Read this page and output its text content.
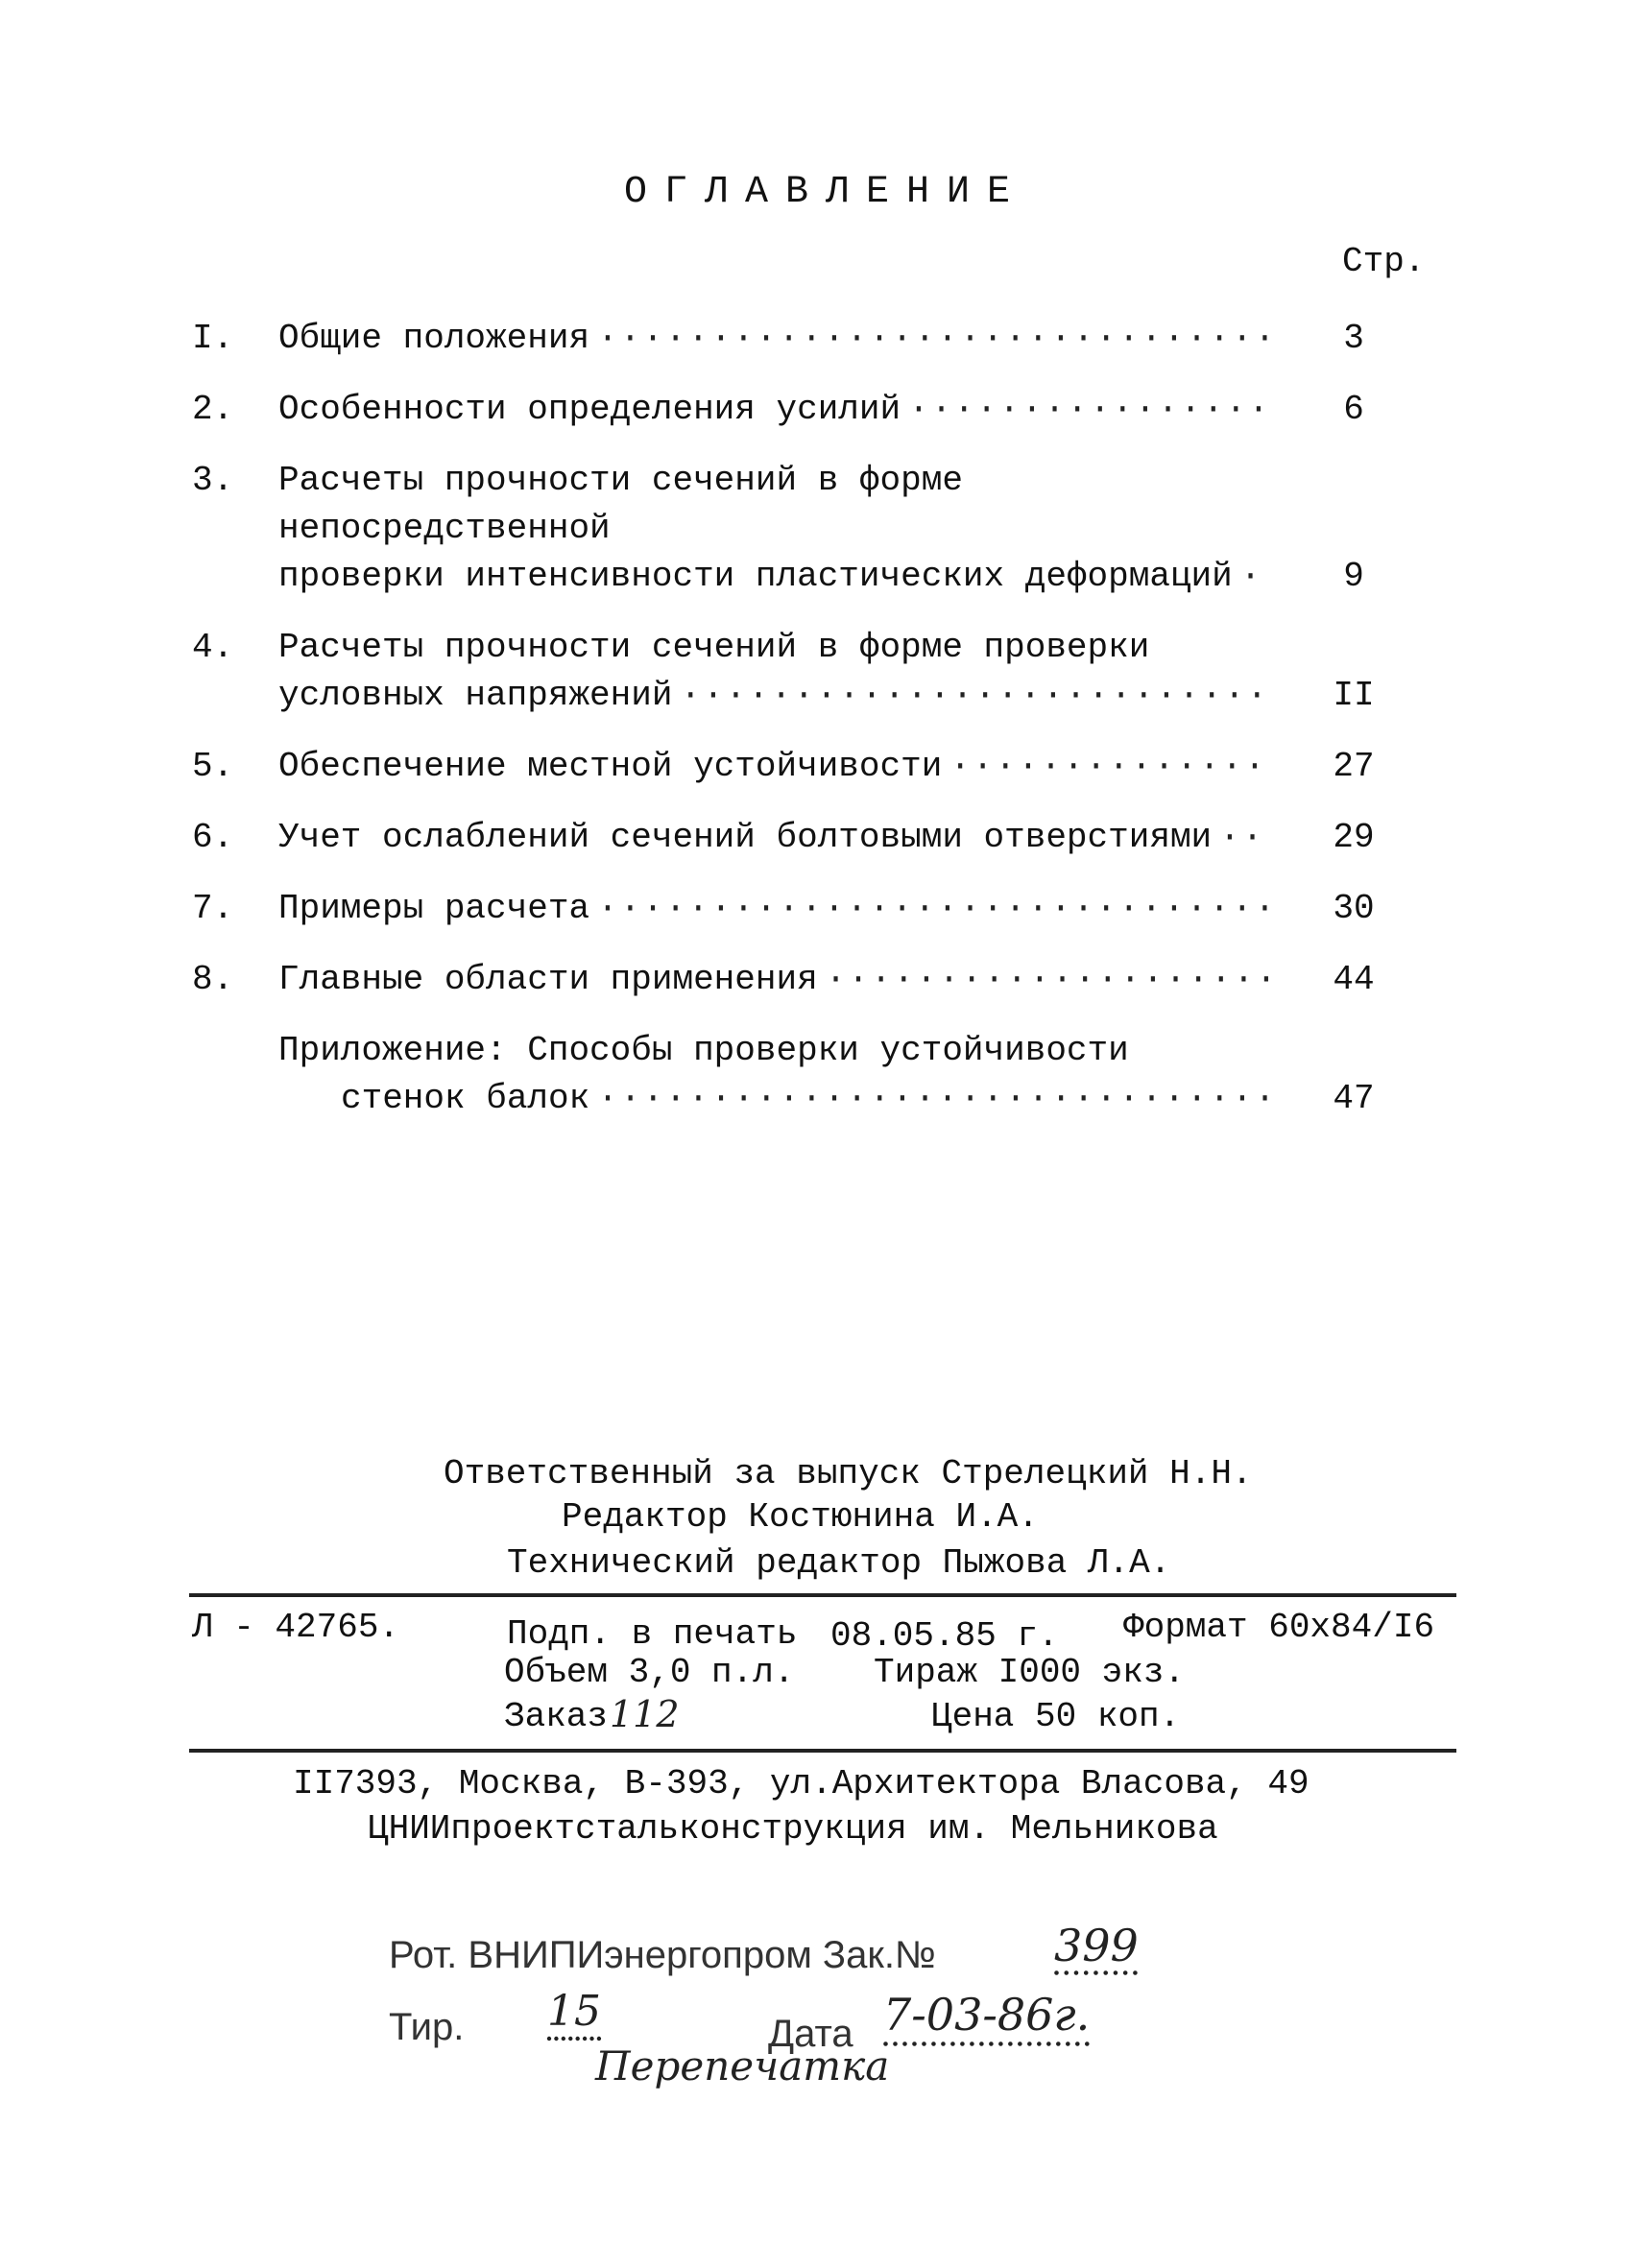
ОГЛАВЛЕНИЕ
Стр.
I.	Общие положения ·····	3
2.	Особенности определения усилий ·····	6
3.	Расчеты прочности сечений в форме непосредственной
проверки интенсивности пластических деформаций ·····	9
4.	Расчеты прочности сечений в форме проверки
условных напряжений ·····	II
5.	Обеспечение местной устойчивости ·····	27
6.	Учет ослаблений сечений болтовыми отверстиями ·····	29
7.	Примеры расчета ·····	30
8.	Главные области применения ·····	44
Приложение: Способы проверки устойчивости
стенок балок ·····	47
Ответственный за выпуск Стрелецкий Н.Н.
Редактор Костюнина И.А.
Технический редактор Пыжова Л.А.
Л - 42765.	Подп. в печать 08.05.85 г. Формат 60х84/I6
Объем 3,0 п.л. Тираж I000 экз.
Заказ 112	Цена 50 коп.
II7393, Москва, В-393, ул.Архитектора Власова, 49
ЦНИИпроектстальконструкция им. Мельникова
Рот. ВНИПИэнергопром Зак.№	399
Тир. 15	Дата 7-03-86г.
Перепечатка
